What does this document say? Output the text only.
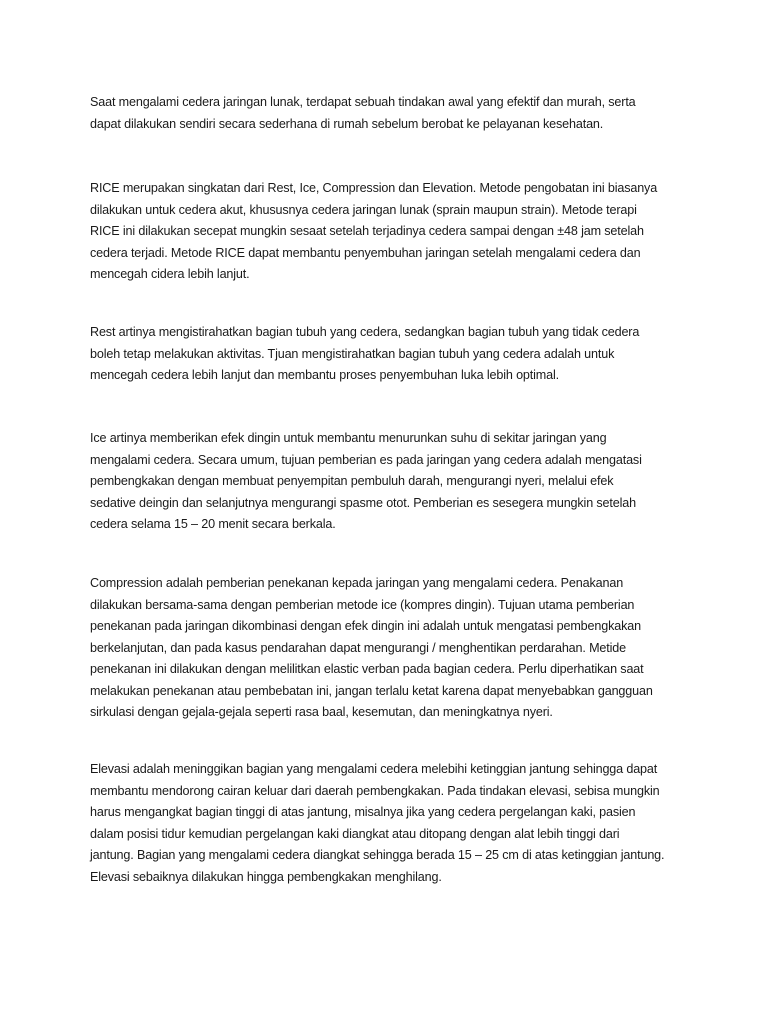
Saat mengalami cedera jaringan lunak, terdapat sebuah tindakan awal yang efektif dan murah, serta
dapat dilakukan sendiri secara sederhana di rumah sebelum berobat ke pelayanan kesehatan.

RICE merupakan singkatan dari Rest, Ice, Compression dan Elevation. Metode pengobatan ini biasanya
dilakukan untuk cedera akut, khususnya cedera jaringan lunak (sprain maupun strain). Metode terapi
RICE ini dilakukan secepat mungkin sesaat setelah terjadinya cedera sampai dengan ±48 jam setelah
cedera terjadi. Metode RICE dapat membantu penyembuhan jaringan setelah mengalami cedera dan
mencegah cidera lebih lanjut.

Rest artinya mengistirahatkan bagian tubuh yang cedera, sedangkan bagian tubuh yang tidak cedera
boleh tetap melakukan aktivitas. Tjuan mengistirahatkan bagian tubuh yang cedera adalah untuk
mencegah cedera lebih lanjut dan membantu proses penyembuhan luka lebih optimal.

Ice artinya memberikan efek dingin untuk membantu menurunkan suhu di sekitar jaringan yang
mengalami cedera. Secara umum, tujuan pemberian es pada jaringan yang cedera adalah mengatasi
pembengkakan dengan membuat penyempitan pembuluh darah, mengurangi nyeri, melalui efek
sedative deingin dan selanjutnya mengurangi spasme otot. Pemberian es sesegera mungkin setelah
cedera selama 15 – 20 menit secara berkala.

Compression adalah pemberian penekanan kepada jaringan yang mengalami cedera. Penakanan
dilakukan bersama-sama dengan pemberian metode ice (kompres dingin). Tujuan utama pemberian
penekanan pada jaringan dikombinasi dengan efek dingin ini adalah untuk mengatasi pembengkakan
berkelanjutan, dan pada kasus pendarahan dapat mengurangi / menghentikan perdarahan. Metide
penekanan ini dilakukan dengan melilitkan elastic verban pada bagian cedera. Perlu diperhatikan saat
melakukan penekanan atau pembebatan ini, jangan terlalu ketat karena dapat menyebabkan gangguan
sirkulasi dengan gejala-gejala seperti rasa baal, kesemutan, dan meningkatnya nyeri.

Elevasi adalah meninggikan bagian yang mengalami cedera melebihi ketinggian jantung sehingga dapat
membantu mendorong cairan keluar dari daerah pembengkakan. Pada tindakan elevasi, sebisa mungkin
harus mengangkat bagian tinggi di atas jantung, misalnya jika yang cedera pergelangan kaki, pasien
dalam posisi tidur kemudian pergelangan kaki diangkat atau ditopang dengan alat lebih tinggi dari
jantung. Bagian yang mengalami cedera diangkat sehingga berada 15 – 25 cm di atas ketinggian jantung.
Elevasi sebaiknya dilakukan hingga pembengkakan menghilang.
